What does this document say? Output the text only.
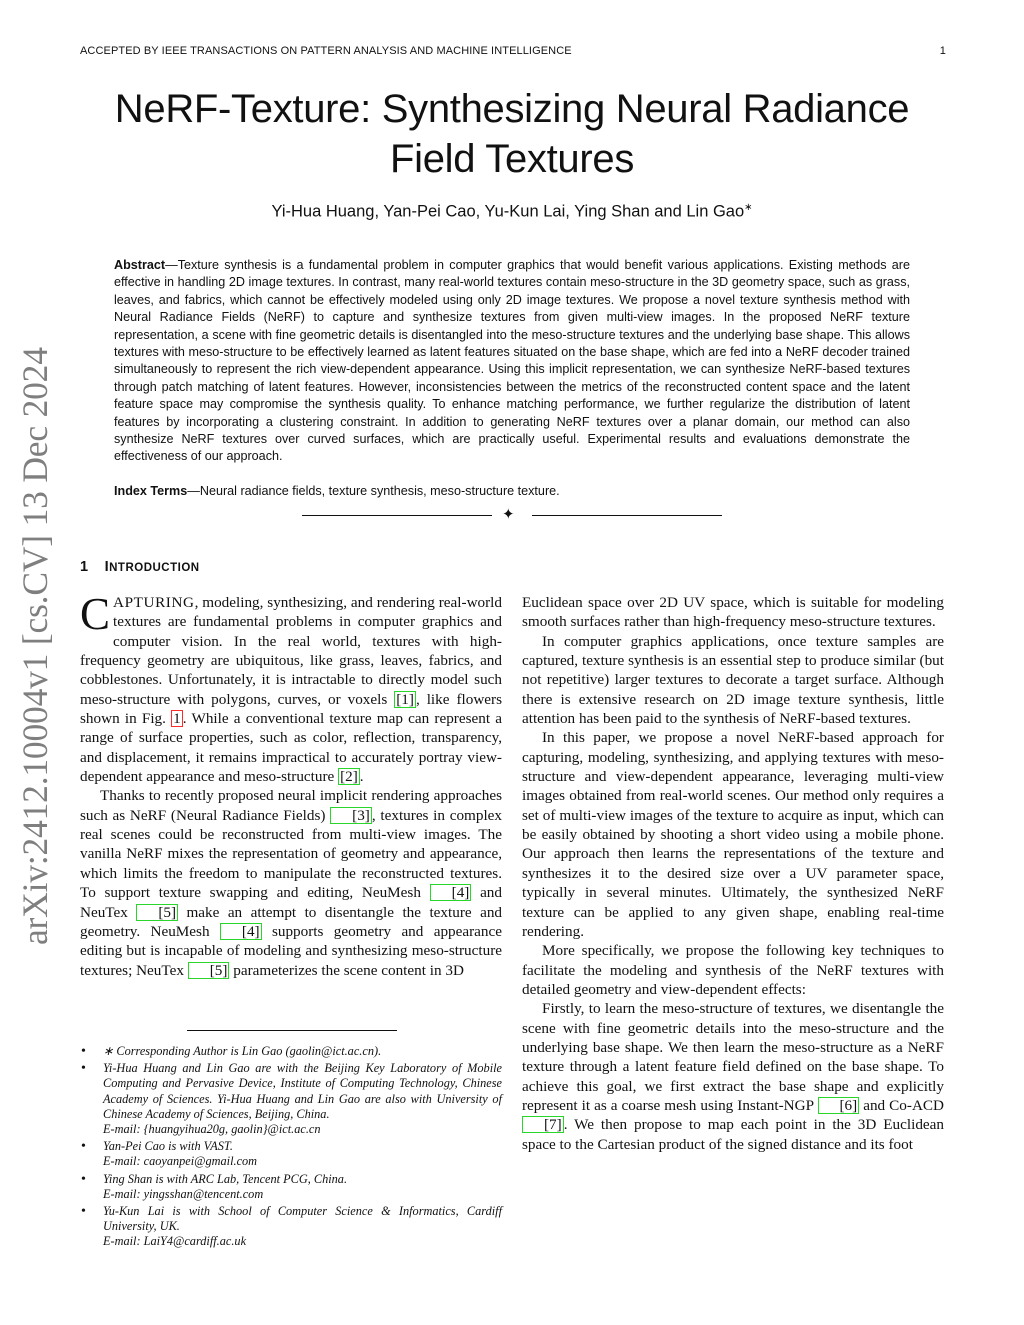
ACCEPTED BY IEEE TRANSACTIONS ON PATTERN ANALYSIS AND MACHINE INTELLIGENCE	1
arXiv:2412.10004v1 [cs.CV] 13 Dec 2024
NeRF-Texture: Synthesizing Neural Radiance
Field Textures
Yi-Hua Huang, Yan-Pei Cao, Yu-Kun Lai, Ying Shan and Lin Gao∗
Abstract—Texture synthesis is a fundamental problem in computer graphics that would benefit various applications. Existing methods are effective in handling 2D image textures. In contrast, many real-world textures contain meso-structure in the 3D geometry space, such as grass, leaves, and fabrics, which cannot be effectively modeled using only 2D image textures. We propose a novel texture synthesis method with Neural Radiance Fields (NeRF) to capture and synthesize textures from given multi-view images. In the proposed NeRF texture representation, a scene with fine geometric details is disentangled into the meso-structure textures and the underlying base shape. This allows textures with meso-structure to be effectively learned as latent features situated on the base shape, which are fed into a NeRF decoder trained simultaneously to represent the rich view-dependent appearance. Using this implicit representation, we can synthesize NeRF-based textures through patch matching of latent features. However, inconsistencies between the metrics of the reconstructed content space and the latent feature space may compromise the synthesis quality. To enhance matching performance, we further regularize the distribution of latent features by incorporating a clustering constraint. In addition to generating NeRF textures over a planar domain, our method can also synthesize NeRF textures over curved surfaces, which are practically useful. Experimental results and evaluations demonstrate the effectiveness of our approach.
Index Terms—Neural radiance fields, texture synthesis, meso-structure texture.
✦
1 INTRODUCTION

CAPTURING, modeling, synthesizing, and rendering real-world textures are fundamental problems in computer graphics and computer vision. In the real world, textures with high-frequency geometry are ubiquitous, like grass, leaves, fabrics, and cobblestones. Unfortunately, it is intractable to directly model such meso-structure with polygons, curves, or voxels [1] , like flowers shown in Fig. 1 . While a conventional texture map can represent a range of surface properties, such as color, reflection, transparency, and displacement, it remains impractical to accurately portray view-dependent appearance and meso-structure [2] .

Thanks to recently proposed neural implicit rendering approaches such as NeRF (Neural Radiance Fields) [3] , textures in complex real scenes could be reconstructed from multi-view images. The vanilla NeRF mixes the representation of geometry and appearance, which limits the freedom to manipulate the reconstructed textures. To support texture swapping and editing, NeuMesh [4] and NeuTex [5] make an attempt to disentangle the texture and geometry. NeuMesh [4] supports geometry and appearance editing but is incapable of modeling and synthesizing meso-structure textures; NeuTex [5] parameterizes the scene content in 3D

• ∗ Corresponding Author is Lin Gao (gaolin@ict.ac.cn).
• Yi-Hua Huang and Lin Gao are with the Beijing Key Laboratory of Mobile Computing and Pervasive Device, Institute of Computing Technology, Chinese Academy of Sciences. Yi-Hua Huang and Lin Gao are also with University of Chinese Academy of Sciences, Beijing, China.
E-mail: {huangyihua20g, gaolin}@ict.ac.cn
• Yan-Pei Cao is with VAST.
E-mail: caoyanpei@gmail.com
• Ying Shan is with ARC Lab, Tencent PCG, China.
E-mail: yingsshan@tencent.com
• Yu-Kun Lai is with School of Computer Science & Informatics, Cardiff University, UK.
E-mail: LaiY4@cardiff.ac.uk

Euclidean space over 2D UV space, which is suitable for modeling smooth surfaces rather than high-frequency meso-structure textures.

In computer graphics applications, once texture samples are captured, texture synthesis is an essential step to produce similar (but not repetitive) larger textures to decorate a target surface. Although there is extensive research on 2D image texture synthesis, little attention has been paid to the synthesis of NeRF-based textures.

In this paper, we propose a novel NeRF-based approach for capturing, modeling, synthesizing, and applying textures with meso-structure and view-dependent appearance, leveraging multi-view images obtained from real-world scenes. Our method only requires a set of multi-view images of the texture to acquire as input, which can be easily obtained by shooting a short video using a mobile phone. Our approach then learns the representations of the texture and synthesizes it to the desired size over a UV parameter space, typically in several minutes. Ultimately, the synthesized NeRF texture can be applied to any given shape, enabling real-time rendering.

More specifically, we propose the following key techniques to facilitate the modeling and synthesis of the NeRF textures with detailed geometry and view-dependent effects:

Firstly, to learn the meso-structure of textures, we disentangle the scene with fine geometric details into the meso-structure and the underlying base shape. We then learn the meso-structure as a NeRF texture through a latent feature field defined on the base shape. To achieve this goal, we first extract the base shape and explicitly represent it as a coarse mesh using Instant-NGP [6] and Co-ACD [7] . We then propose to map each point in the 3D Euclidean space to the Cartesian product of the signed distance and its foot
